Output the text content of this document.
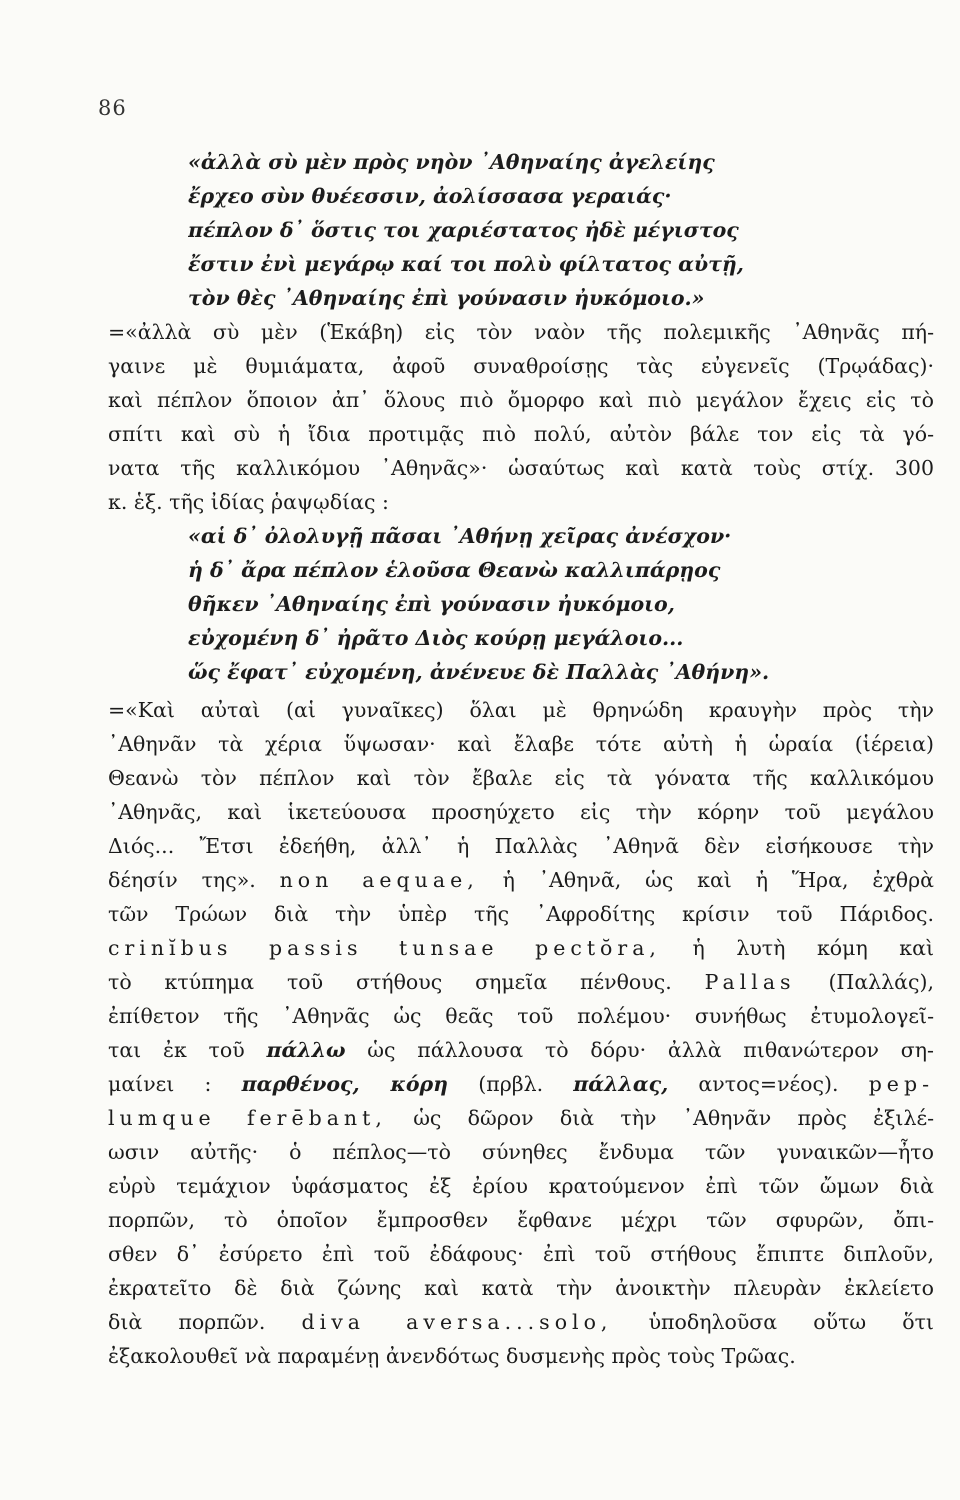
86
«ἀλλὰ σὺ μὲν πρὸς νηὸν ᾿Αθηναίης ἀγελείης
ἔρχεο σὺν θυέεσσιν, ἀολίσσασα γεραιάς·
πέπλον δ᾿ ὅστις τοι χαριέστατος ἠδὲ μέγιστος
ἔστιν ἐνὶ μεγάρῳ καί τοι πολὺ φίλτατος αὐτῇ,
τὸν θὲς ᾿Αθηναίης ἐπὶ γούνασιν ἠυκόμοιο.»
=«ἀλλὰ σὺ μὲν (Ἑκάβη) εἰς τὸν ναὸν τῆς πολεμικῆς ᾿Αθηνᾶς πή-
γαινε μὲ θυμιάματα, ἀφοῦ συναθροίσῃς τὰς εὐγενεῖς (Τρῳάδας)·
καὶ πέπλον ὅποιον ἀπ᾿ ὅλους πιὸ ὄμορφο καὶ πιὸ μεγάλον ἔχεις εἰς τὸ
σπίτι καὶ σὺ ἡ ἴδια προτιμᾷς πιὸ πολύ, αὐτὸν βάλε τον εἰς τὰ γό-
νατα τῆς καλλικόμου ᾿Αθηνᾶς»· ὡσαύτως καὶ κατὰ τοὺς στίχ. 300
κ. ἑξ. τῆς ἰδίας ῥαψῳδίας :
«αἱ δ᾿ ὀλολυγῇ πᾶσαι ᾿Αθήνῃ χεῖρας ἀνέσχον·
ἡ δ᾿ ἄρα πέπλον ἑλοῦσα Θεανὼ καλλιπάρῃος
θῆκεν ᾿Αθηναίης ἐπὶ γούνασιν ἠυκόμοιο,
εὐχομένη δ᾿ ἠρᾶτο Διὸς κούρῃ μεγάλοιο...
ὥς ἔφατ᾿ εὐχομένη, ἀνένευε δὲ Παλλὰς ᾿Αθήνη».
=«Καὶ αὐταὶ (αἱ γυναῖκες) ὅλαι μὲ θρηνώδη κραυγὴν πρὸς τὴν
᾿Αθηνᾶν τὰ χέρια ὕψωσαν· καὶ ἔλαβε τότε αὐτὴ ἡ ὡραία (ἱέρεια)
Θεανὼ τὸν πέπλον καὶ τὸν ἔβαλε εἰς τὰ γόνατα τῆς καλλικόμου
᾿Αθηνᾶς, καὶ ἱκετεύουσα προσηύχετο εἰς τὴν κόρην τοῦ μεγάλου
Διός... Ἔτσι ἐδεήθη, ἀλλ᾿ ἡ Παλλὰς ᾿Αθηνᾶ δὲν εἰσήκουσε τὴν
δέησίν της». non aequae, ἡ ᾿Αθηνᾶ, ὡς καὶ ἡ Ἥρα, ἐχθρὰ
τῶν Τρώων διὰ τὴν ὑπὲρ τῆς ᾿Αφροδίτης κρίσιν τοῦ Πάριδος.
crinĭbus passis tunsae pectŏra, ἡ λυτὴ κόμη καὶ
τὸ κτύπημα τοῦ στήθους σημεῖα πένθους. Pallas (Παλλάς),
ἐπίθετον τῆς ᾿Αθηνᾶς ὡς θεᾶς τοῦ πολέμου· συνήθως ἐτυμολογεῖ-
ται ἐκ τοῦ πάλλω ὡς πάλλουσα τὸ δόρυ· ἀλλὰ πιθανώτερον ση-
μαίνει : παρθένος, κόρη (πρβλ. πάλλας, αντος=νέος). pep-
lumque ferēbant, ὡς δῶρον διὰ τὴν ᾿Αθηνᾶν πρὸς ἐξιλέ-
ωσιν αὐτῆς· ὁ πέπλος—τὸ σύνηθες ἔνδυμα τῶν γυναικῶν—ἦτο
εὐρὺ τεμάχιον ὑφάσματος ἐξ ἐρίου κρατούμενον ἐπὶ τῶν ὤμων διὰ
πορπῶν, τὸ ὁποῖον ἔμπροσθεν ἔφθανε μέχρι τῶν σφυρῶν, ὄπι-
σθεν δ᾿ ἐσύρετο ἐπὶ τοῦ ἐδάφους· ἐπὶ τοῦ στήθους ἔπιπτε διπλοῦν,
ἐκρατεῖτο δὲ διὰ ζώνης καὶ κατὰ τὴν ἀνοικτὴν πλευρὰν ἐκλείετο
διὰ πορπῶν. diva aversa...solo, ὑποδηλοῦσα οὕτω ὅτι
ἐξακολουθεῖ νὰ παραμένῃ ἀνενδότως δυσμενὴς πρὸς τοὺς Τρῶας.
